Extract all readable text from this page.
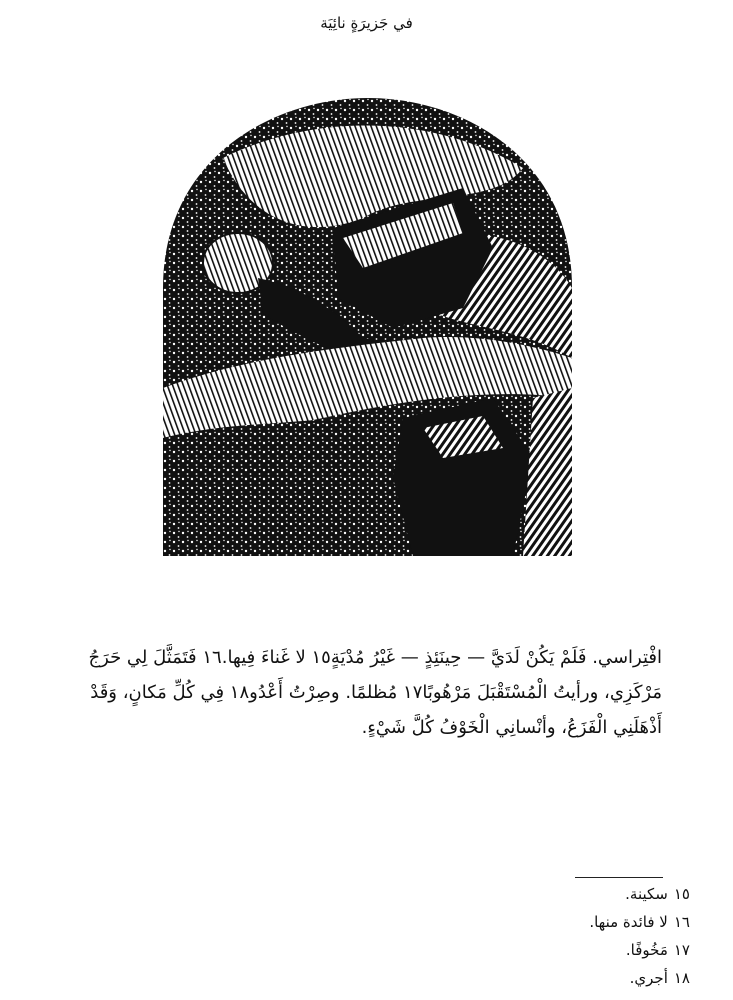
في جَزيرَةٍ نائِيَة

افْتِراسي. فَلَمْ يَكُنْ لَدَيَّ — حِينَئِذٍ — غَيْرُ مُدْيَةٍ١٥ لا غَناءَ فِيها.١٦ فَتَمَثَّلَ لِي حَرَجُ مَرْكَزِي، ورأيتُ الْمُسْتَقْبَلَ مَرْهُوبًا١٧ مُظلمًا. وصِرْتُ أَعْدُو١٨ فِي كُلِّ مَكانٍ، وَقَدْ أَذْهَلَنِي الْفَزَعُ، وأنْسانِي الْخَوْفُ كُلَّ شَيْءٍ.

١٥سكينة.
١٦لا فائدة منها.
١٧مَخُوفًا.
١٨أجري.
